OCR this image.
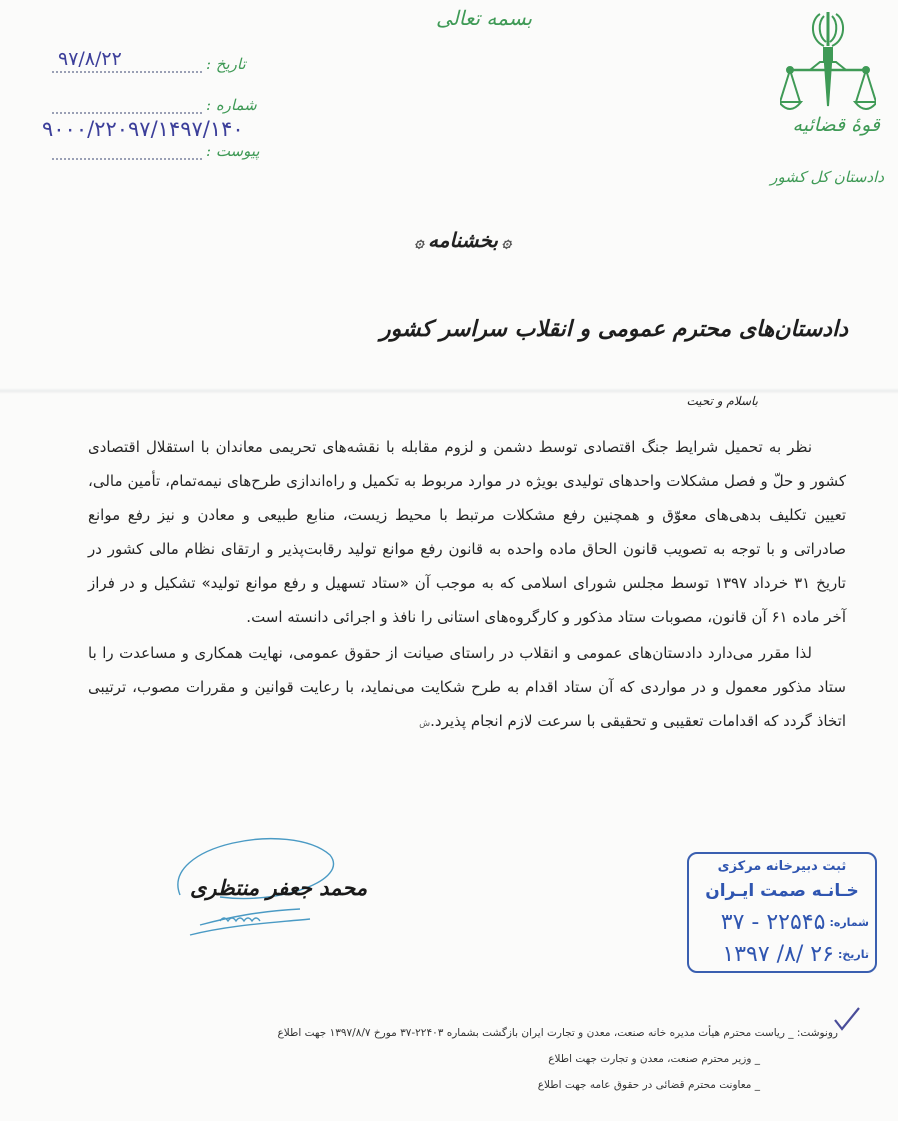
بسمه تعالی
تاریخ :
۹۷/۸/۲۲
شماره :
۹۰۰۰/۲۲۰۹۷/۱۴۹۷/۱۴۰
پیوست :
قوهٔ قضائیه
دادستان کل کشور
۞بخشنامه۞
دادستان‌های محترم عمومی و انقلاب سراسر کشور
باسلام و تحیت

نظر به تحمیل شرایط جنگ اقتصادی توسط دشمن و لزوم مقابله با نقشه‌های تحریمی معاندان با استقلال اقتصادی کشور و حلّ و فصل مشکلات واحدهای تولیدی بویژه در موارد مربوط به تکمیل و راه‌اندازی طرح‌های نیمه‌تمام، تأمین مالی، تعیین تکلیف بدهی‌های معوّق و همچنین رفع مشکلات مرتبط با محیط زیست، منابع طبیعی و معادن و نیز رفع موانع صادراتی و با توجه به تصویب قانون الحاق ماده واحده به قانون رفع موانع تولید رقابت‌پذیر و ارتقای نظام مالی کشور در تاریخ ۳۱ خرداد ۱۳۹۷ توسط مجلس شورای اسلامی که به موجب آن «ستاد تسهیل و رفع موانع تولید» تشکیل و در فراز آخر ماده ۶۱ آن قانون، مصوبات ستاد مذکور و کارگروه‌های استانی را نافذ و اجرائی دانسته است.

لذا مقرر می‌دارد دادستان‌های عمومی و انقلاب در راستای صیانت از حقوق عمومی، نهایت همکاری و مساعدت را با ستاد مذکور معمول و در مواردی که آن ستاد اقدام به طرح شکایت می‌نماید، با رعایت قوانین و مقررات مصوب، ترتیبی اتخاذ گردد که اقدامات تعقیبی و تحقیقی با سرعت لازم انجام پذیرد.ش

محمد جعفر منتظری
ثبت دبیرخانه مرکزی
خـانـه صمت ایـران
شماره:
۳۷ - ۲۲۵۴۵
تاریخ:
۱۳۹۷ /۸/ ۲۶
رونوشت: _ ریاست محترم هیأت مدیره خانه صنعت، معدن و تجارت ایران بازگشت بشماره ۲۲۴۰۳-۳۷ مورخ ۱۳۹۷/۸/۷ جهت اطلاع
_ وزیر محترم صنعت، معدن و تجارت جهت اطلاع
_ معاونت محترم قضائی در حقوق عامه جهت اطلاع
